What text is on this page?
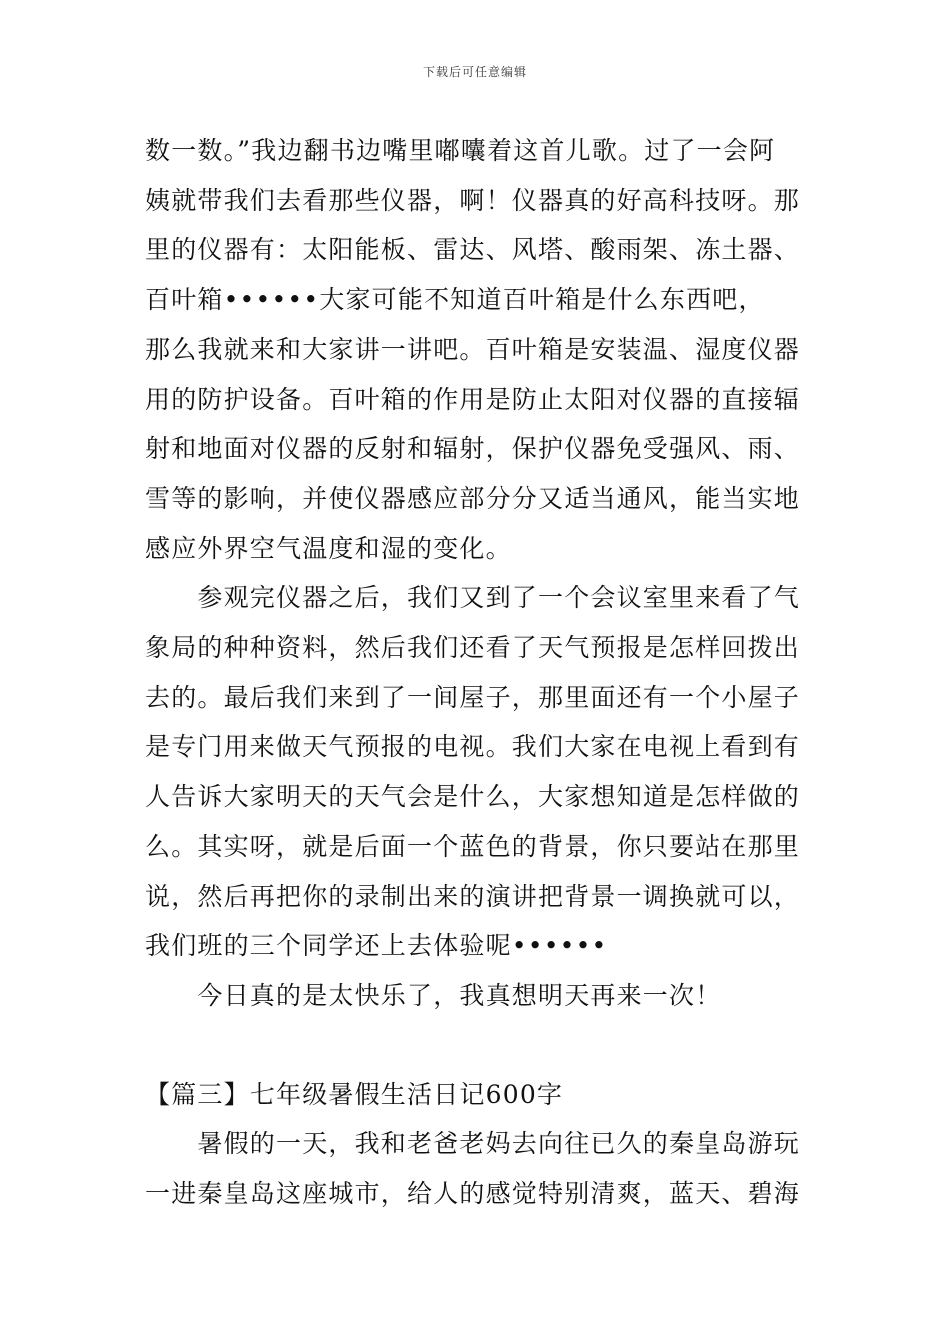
下载后可任意编辑

数一数。”我边翻书边嘴里嘟囔着这首儿歌。过了一会阿

姨就带我们去看那些仪器，啊！仪器真的好高科技呀。那

里的仪器有：太阳能板、雷达、风塔、酸雨架、冻土器、

百叶箱••••••大家可能不知道百叶箱是什么东西吧，

那么我就来和大家讲一讲吧。百叶箱是安装温、湿度仪器

用的防护设备。百叶箱的作用是防止太阳对仪器的直接辐

射和地面对仪器的反射和辐射，保护仪器免受强风、雨、

雪等的影响，并使仪器感应部分分又适当通风，能当实地

感应外界空气温度和湿的变化。

　　参观完仪器之后，我们又到了一个会议室里来看了气

象局的种种资料，然后我们还看了天气预报是怎样回拨出

去的。最后我们来到了一间屋子，那里面还有一个小屋子

是专门用来做天气预报的电视。我们大家在电视上看到有

人告诉大家明天的天气会是什么，大家想知道是怎样做的

么。其实呀，就是后面一个蓝色的背景，你只要站在那里

说，然后再把你的录制出来的演讲把背景一调换就可以，

我们班的三个同学还上去体验呢••••••

　　今日真的是太快乐了，我真想明天再来一次！

【篇三】七年级暑假生活日记600字

　　暑假的一天，我和老爸老妈去向往已久的秦皇岛游玩

一进秦皇岛这座城市，给人的感觉特别清爽，蓝天、碧海
